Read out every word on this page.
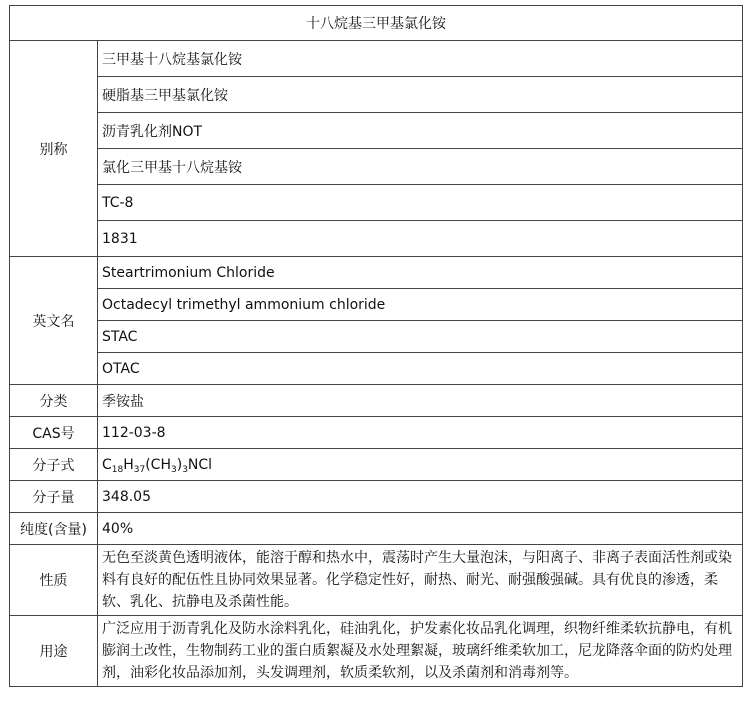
十八烷基三甲基氯化铵	
别称	三甲基十八烷基氯化铵
	硬脂基三甲基氯化铵
	沥青乳化剂NOT
	氯化三甲基十八烷基铵
	TC-8
	1831
英文名	Steartrimonium Chloride
	Octadecyl trimethyl ammonium chloride
	STAC
	OTAC
分类	季铵盐
CAS号	112-03-8
分子式	$C_{18}H_{37}(CH_3)_3NCl$
分子量	348.05
纯度(含量)	40%
性质	无色至淡黄色透明液体，能溶于醇和热水中，震荡时产生大量泡沫，与阳离子、非离子表面活性剂或染料有良好的配伍性且协同效果显著。化学稳定性好，耐热、耐光、耐强酸强碱。具有优良的渗透，柔软、乳化、抗静电及杀菌性能。
用途	广泛应用于沥青乳化及防水涂料乳化，硅油乳化，护发素化妆品乳化调理，织物纤维柔软抗静电，有机膨润土改性，生物制药工业的蛋白质絮凝及水处理絮凝，玻璃纤维柔软加工，尼龙降落伞面的防灼处理剂，油彩化妆品添加剂，头发调理剂，软质柔软剂，以及杀菌剂和消毒剂等。
